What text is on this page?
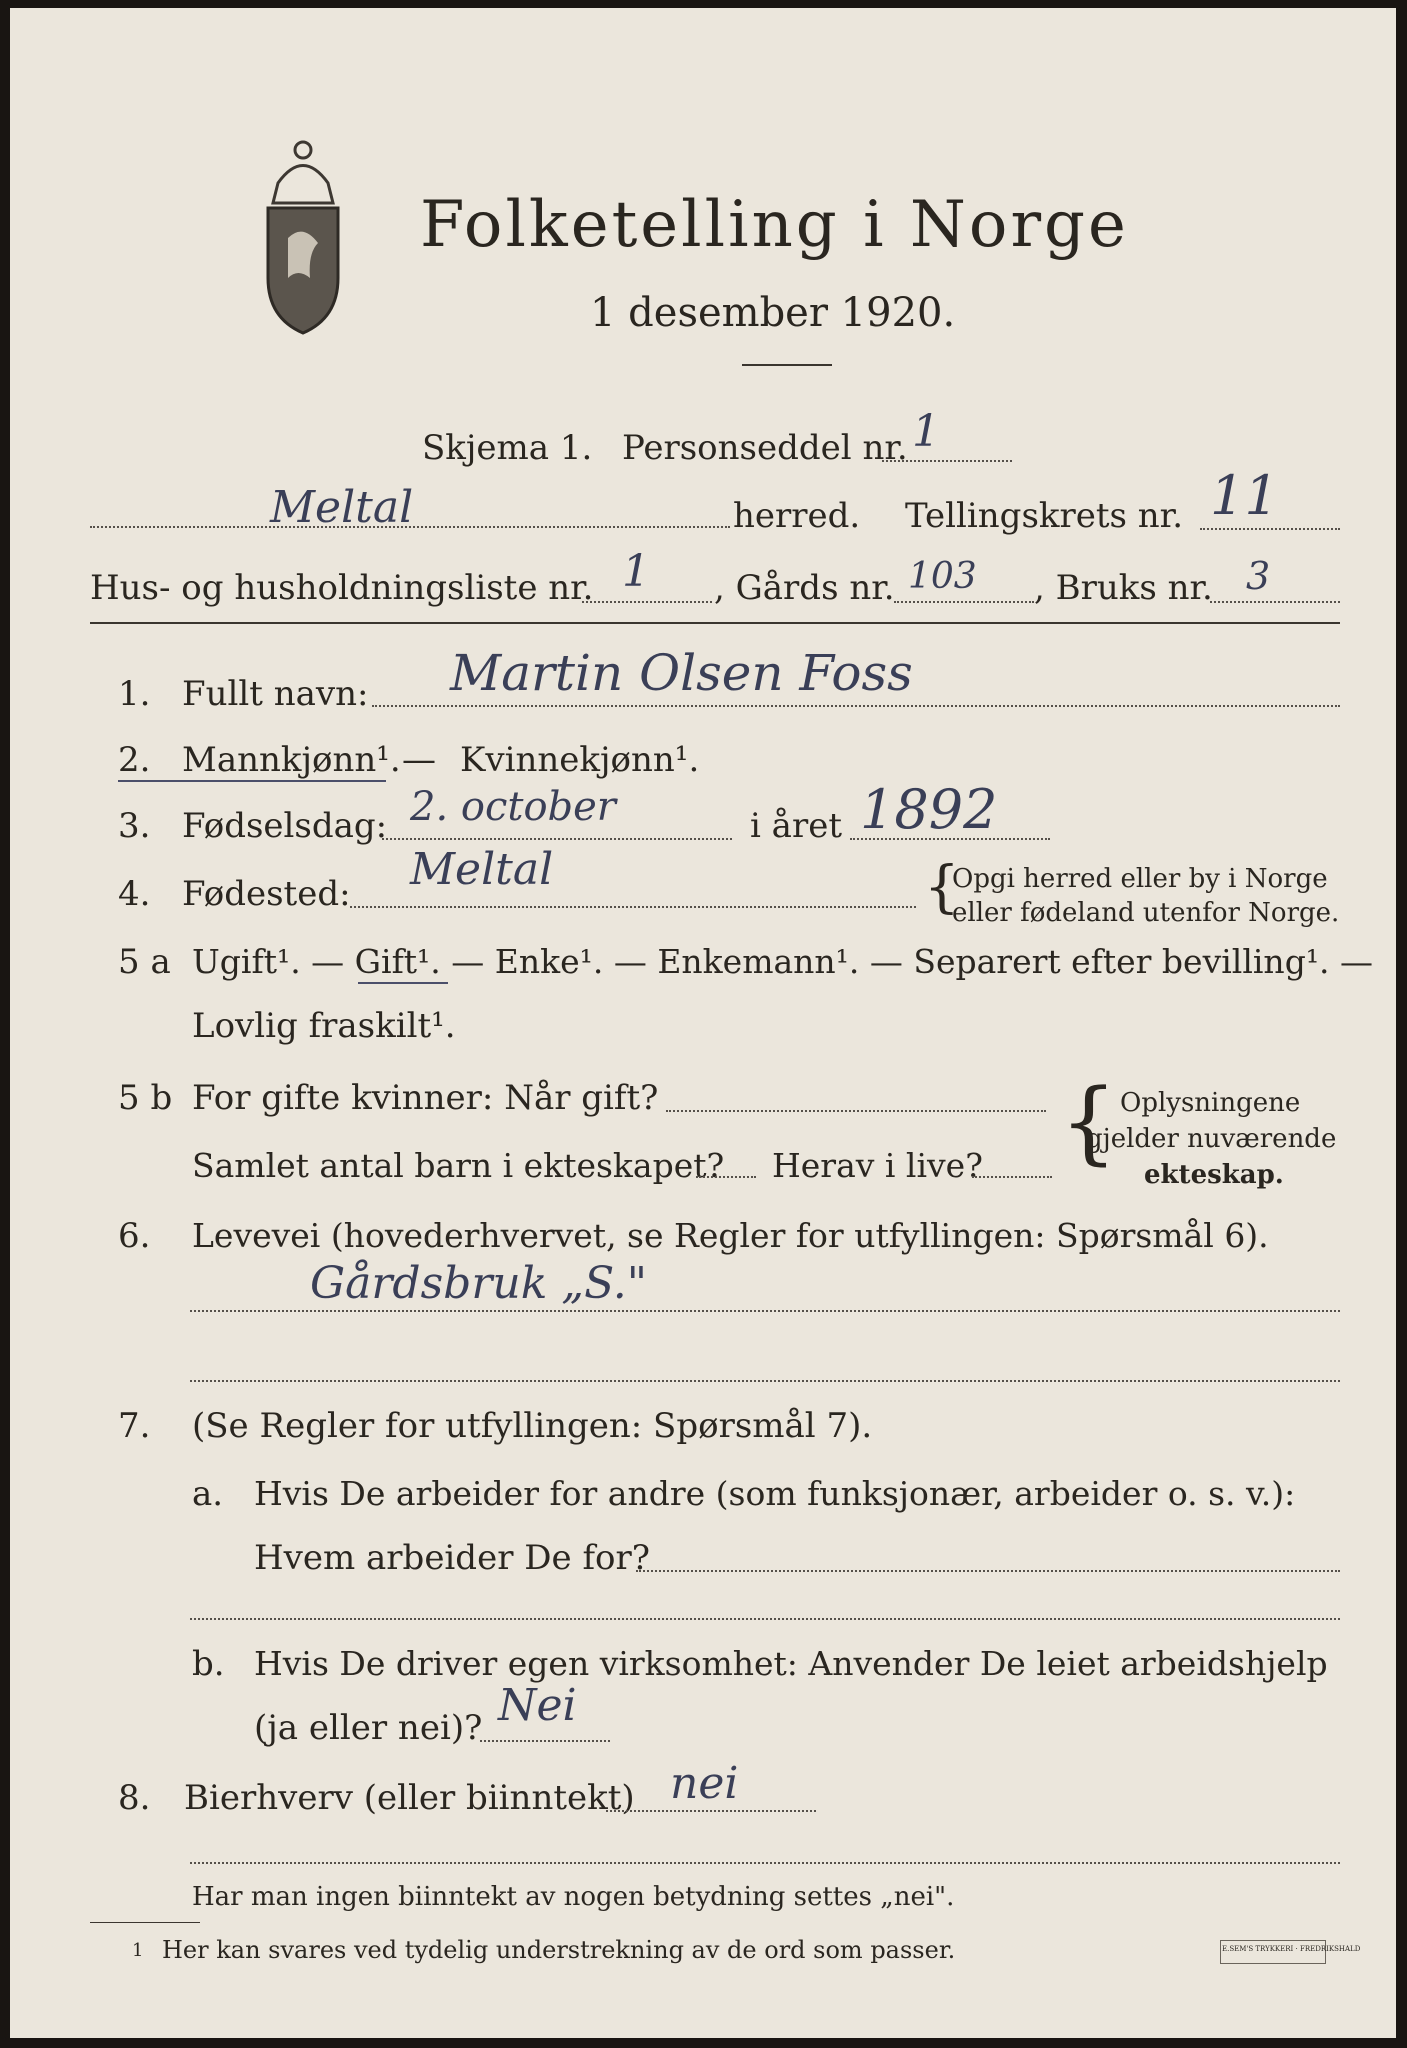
Folketelling i Norge
1 desember 1920.
Skjema 1. Personseddel nr. 1
Meltal	herred. Tellingskrets nr. 11
Hus- og husholdningsliste nr. 1 , Gårds nr. 103 , Bruks nr. 3
1. Fullt navn: Martin Olsen Foss
2. Mannkjønn¹. — Kvinnekjønn¹.
3. Fødselsdag: 2. october	i året 1892
4. Fødested: Meltal	{
Opgi herred eller by i Norge
eller fødeland utenfor Norge.
5 a Ugift¹. — Gift¹. — Enke¹. — Enkemann¹. — Separert efter bevilling¹. —
Lovlig fraskilt¹.
5 b For gifte kvinner: Når gift?
Samlet antal barn i ekteskapet? Herav i live? { Oplysningene
gjelder nuværende
ekteskap.
6. Levevei (hovederhvervet, se Regler for utfyllingen: Spørsmål 6).
Gårdsbruk „S."
7. (Se Regler for utfyllingen: Spørsmål 7).
a. Hvis De arbeider for andre (som funksjonær, arbeider o. s. v.):
Hvem arbeider De for?
b. Hvis De driver egen virksomhet: Anvender De leiet arbeidshjelp
(ja eller nei)? Nei
8. Bierhverv (eller biinntekt) nei
Har man ingen biinntekt av nogen betydning settes „nei".
1 Her kan svares ved tydelig understrekning av de ord som passer.	E.SEM'S TRYKKERI · FREDRIKSHALD
